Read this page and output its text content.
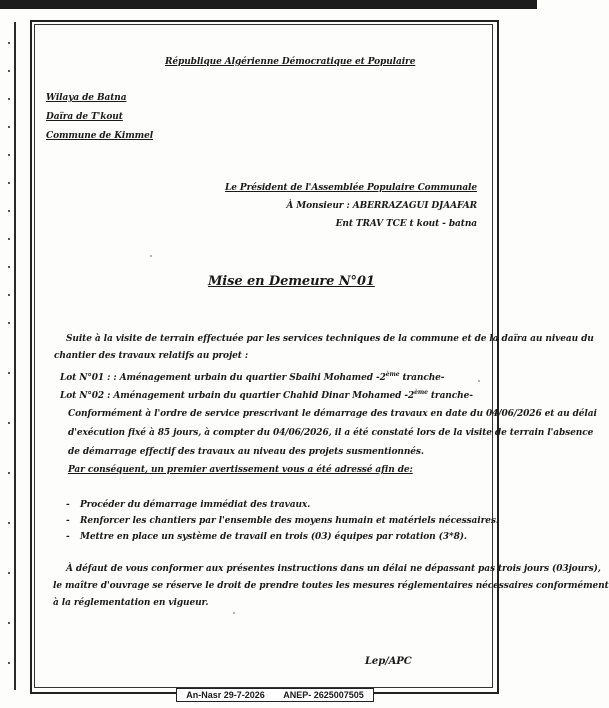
République Algérienne Démocratique et Populaire
Wilaya de Batna
Daïra de T'kout
Commune de Kimmel
Le Président de l'Assemblée Populaire Communale
À Monsieur : ABERRAZAGUI DJAAFAR
Ent TRAV TCE t kout - batna
Mise en Demeure N°01
Suite à la visite de terrain effectuée par les services techniques de la commune et de la daïra au niveau du
chantier des travaux relatifs au projet :
Lot N°01 : : Aménagement urbain du quartier Sbaihi Mohamed -2ème tranche-
Lot N°02 : Aménagement urbain du quartier Chahid Dinar Mohamed -2ème tranche-
Conformément à l'ordre de service prescrivant le démarrage des travaux en date du 04/06/2026 et au délai
d'exécution fixé à 85 jours, à compter du 04/06/2026, il a été constaté lors de la visite de terrain l'absence
de démarrage effectif des travaux au niveau des projets susmentionnés.
Par conséquent, un premier avertissement vous a été adressé afin de:
- Procéder du démarrage immédiat des travaux.
- Renforcer les chantiers par l'ensemble des moyens humain et matériels nécessaires.
- Mettre en place un système de travail en trois (03) équipes par rotation (3*8).
À défaut de vous conformer aux présentes instructions dans un délai ne dépassant pas trois jours (03jours),
le maître d'ouvrage se réserve le droit de prendre toutes les mesures réglementaires nécessaires conformément
à la réglementation en vigueur.
Lep/APC
An-Nasr 29-7-2026 ANEP- 2625007505
